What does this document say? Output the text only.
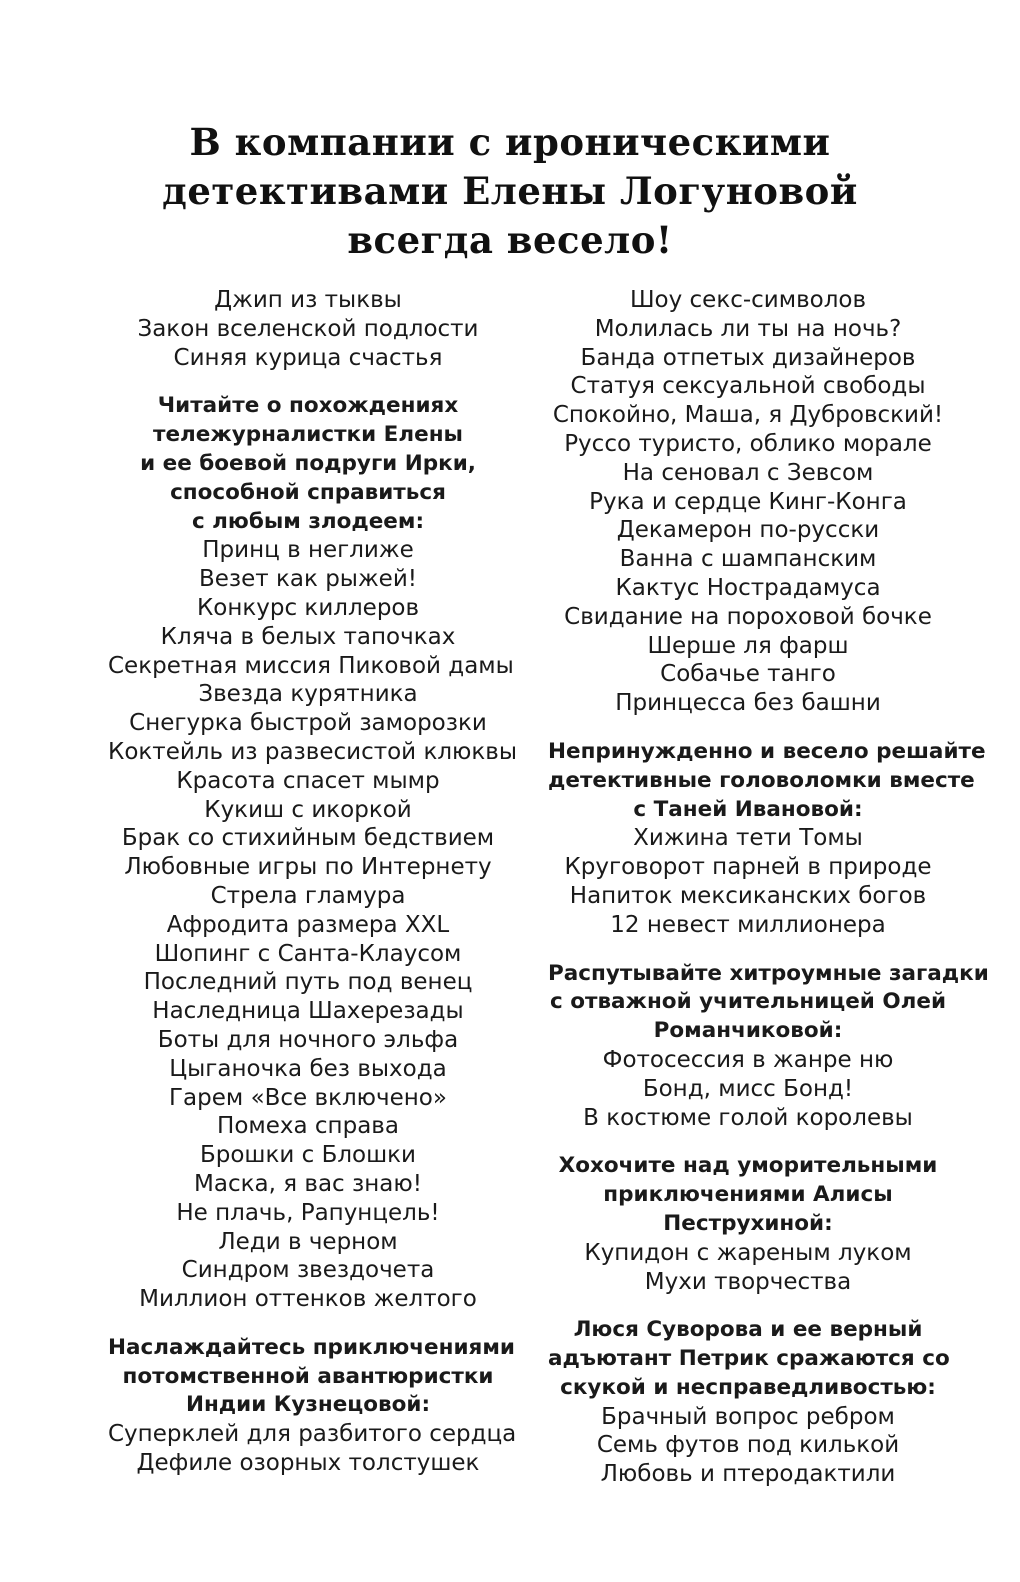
В компании с ироническими
детективами Елены Логуновой
всегда весело!
Джип из тыквы
Закон вселенской подлости
Синяя курица счастья
Читайте о похождениях
тележурналистки Елены
и ее боевой подруги Ирки,
способной справиться
с любым злодеем:
Принц в неглиже
Везет как рыжей!
Конкурс киллеров
Кляча в белых тапочках
Секретная миссия Пиковой дамы
Звезда курятника
Снегурка быстрой заморозки
Коктейль из развесистой клюквы
Красота спасет мымр
Кукиш с икоркой
Брак со стихийным бедствием
Любовные игры по Интернету
Стрела гламура
Афродита размера XXL
Шопинг с Санта-Клаусом
Последний путь под венец
Наследница Шахерезады
Боты для ночного эльфа
Цыганочка без выхода
Гарем «Все включено»
Помеха справа
Брошки с Блошки
Маска, я вас знаю!
Не плачь, Рапунцель!
Леди в черном
Синдром звездочета
Миллион оттенков желтого
Наслаждайтесь приключениями
потомственной авантюристки
Индии Кузнецовой:
Суперклей для разбитого сердца
Дефиле озорных толстушек
Шоу секс-символов
Молилась ли ты на ночь?
Банда отпетых дизайнеров
Статуя сексуальной свободы
Спокойно, Маша, я Дубровский!
Руссо туристо, облико морале
На сеновал с Зевсом
Рука и сердце Кинг-Конга
Декамерон по-русски
Ванна с шампанским
Кактус Нострадамуса
Свидание на пороховой бочке
Шерше ля фарш
Собачье танго
Принцесса без башни
Непринужденно и весело решайте
детективные головоломки вместе
с Таней Ивановой:
Хижина тети Томы
Круговорот парней в природе
Напиток мексиканских богов
12 невест миллионера
Распутывайте хитроумные загадки
с отважной учительницей Олей
Романчиковой:
Фотосессия в жанре ню
Бонд, мисс Бонд!
В костюме голой королевы
Хохочите над уморительными
приключениями Алисы
Пеструхиной:
Купидон с жареным луком
Мухи творчества
Люся Суворова и ее верный
адъютант Петрик сражаются со
скукой и несправедливостью:
Брачный вопрос ребром
Семь футов под килькой
Любовь и птеродактили
